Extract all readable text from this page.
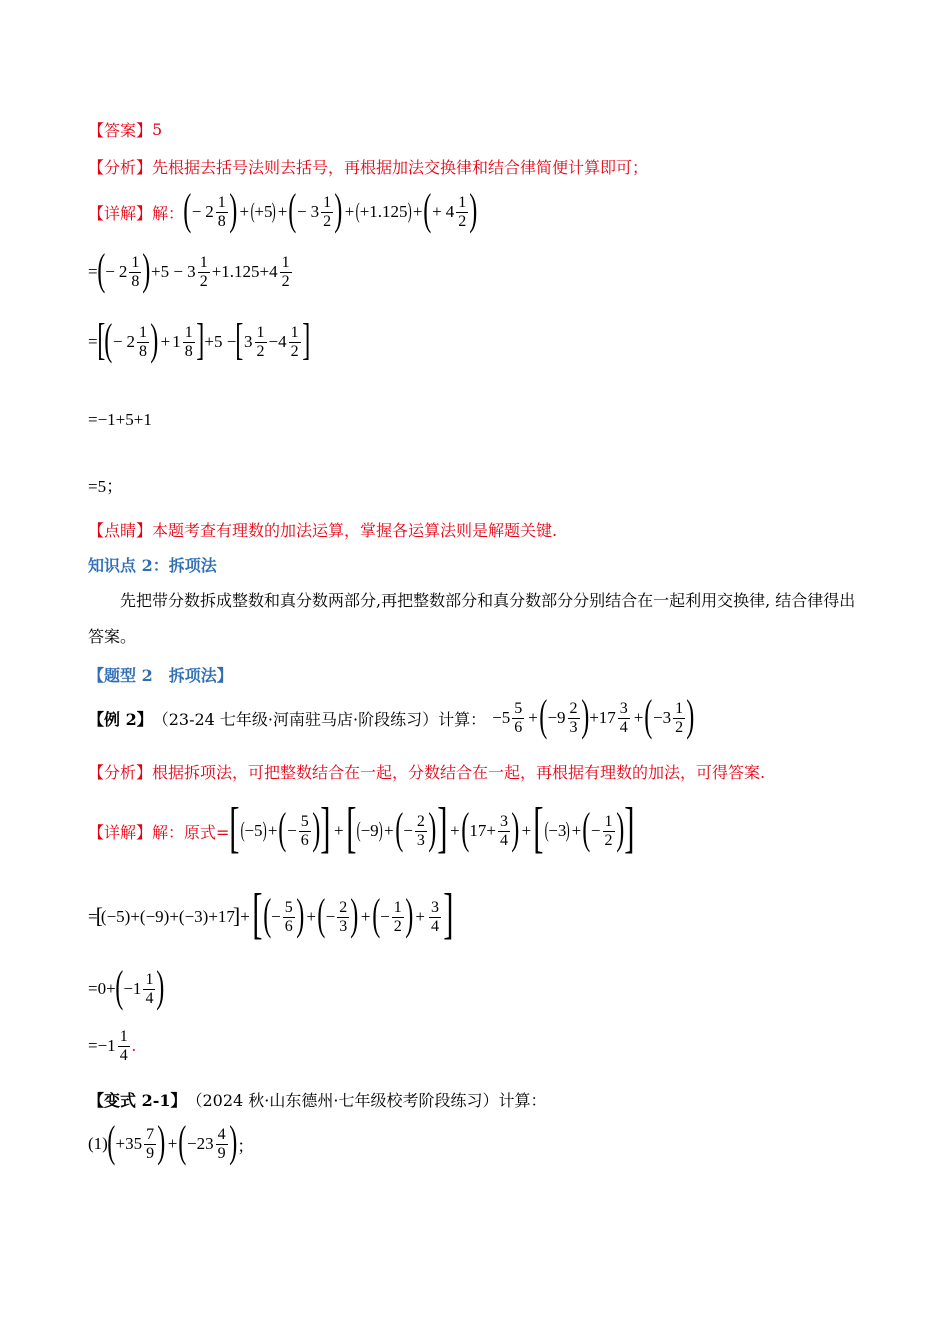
【答案】 5
【分析】 先根据去括号法则去括号，再根据加法交换律和结合律简便计算即可；
【详解】 解： ( − $2 \frac{1}{8}$ ) + ( +5 ) + ( − $3 \frac{1}{2}$ ) + ( +1.125 ) + ( + $4 \frac{1}{2}$ )
= ( − $2 \frac{1}{8}$ ) $+5 - 3 \frac{1}{2} +1.125+4 \frac{1}{2}$
= [ ( − $2 \frac{1}{8}$ ) + $1 \frac{1}{8}$ ] +5 − [ $3 \frac{1}{2} -4 \frac{1}{2}$ ]
=−1+5+1
=5；
【点睛】 本题考查有理数的加法运算，掌握各运算法则是解题关键.
知识点 2：拆项法
先把带分数拆成整数和真分数两部分,再把整数部分和真分数部分分别结合在一起利用交换律, 结合律得出答案。
【题型 2 拆项法】
【例 2】 （23-24 七年级·河南驻马店·阶段练习）计算： $-5 \frac{5}{6}$ + ( $-9 \frac{2}{3}$ ) $+17 \frac{3}{4}$ + ( $-3 \frac{1}{2}$ )
【分析】 根据拆项法，可把整数结合在一起，分数结合在一起，再根据有理数的加法，可得答案.
【详解】 解：原式= [ ( −5 ) + ( − $\frac{5}{6}$ ) ] + [ ( −9 ) + ( − $\frac{2}{3}$ ) ] + ( $17+ \frac{3}{4}$ ) + [ ( −3 ) + ( − $\frac{1}{2}$ ) ]
=
[
(−5)+(−9)+(−3)+17
] + [ ( − $\frac{5}{6}$ ) + ( − $\frac{2}{3}$ ) + ( − $\frac{1}{2}$ ) + $\frac{3}{4}$ ]
=0+ ( $-1 \frac{1}{4}$ )
$=-1 \frac{1}{4}$ .
【变式 2-1】 （2024 秋·山东德州·七年级校考阶段练习）计算：
(1) ( $+35 \frac{7}{9}$ ) + ( $-23 \frac{4}{9}$ ) ；
